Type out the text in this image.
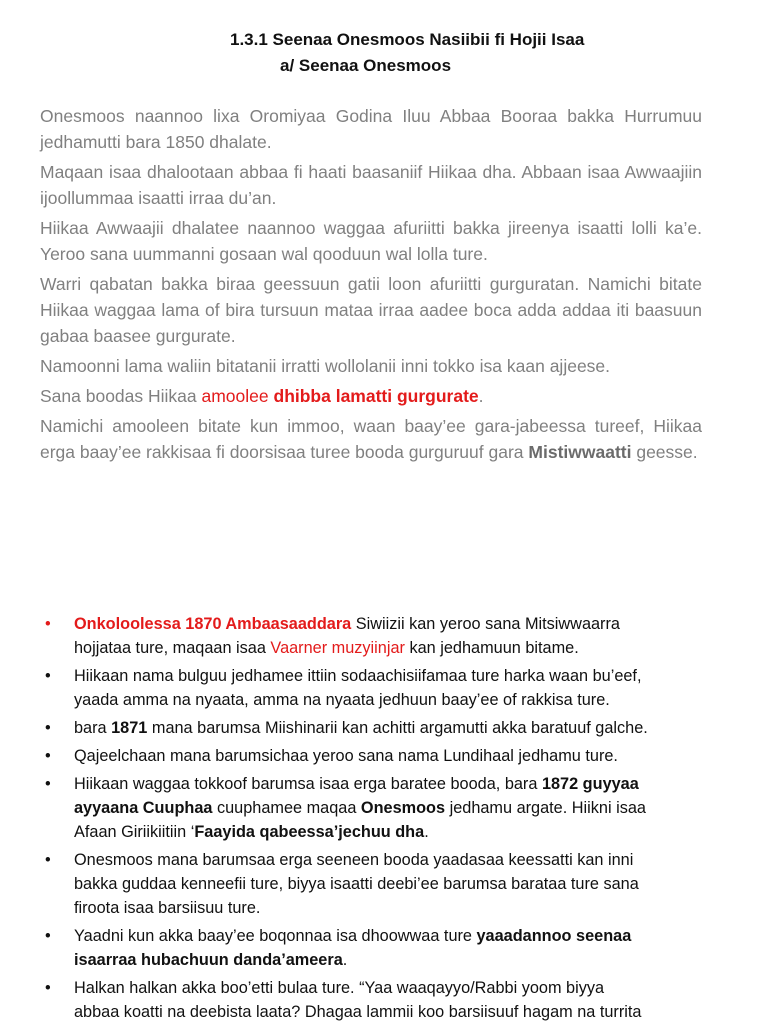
1.3.1 Seenaa Onesmoos Nasiibii fi Hojii Isaa
a/ Seenaa Onesmoos

Onesmoos naannoo lixa Oromiyaa Godina Iluu Abbaa Booraa bakka Hurrumuu jedhamutti bara 1850 dhalate.

Maqaan isaa dhalootaan abbaa fi haati baasaniif Hiikaa dha. Abbaan isaa Awwaajiin ijoollummaa isaatti irraa du’an.

Hiikaa Awwaajii dhalatee naannoo waggaa afuriitti bakka jireenya isaatti lolli ka’e. Yeroo sana uummanni gosaan wal qooduun wal lolla ture.

Warri qabatan bakka biraa geessuun gatii loon afuriitti gurguratan. Namichi bitate Hiikaa waggaa lama of bira tursuun mataa irraa aadee boca adda addaa iti baasuun gabaa baasee gurgurate.

Namoonni lama waliin bitatanii irratti wollolanii inni tokko isa kaan ajjeese.

Sana boodas Hiikaa amoolee dhibba lamatti gurgurate.

Namichi amooleen bitate kun immoo, waan baay’ee gara-jabeessa tureef, Hiikaa erga baay’ee rakkisaa fi doorsisaa turee booda gurguruuf gara Mistiwwaatti geesse.

• Onkoloolessa 1870 Ambaasaaddara Siwiizii kan yeroo sana Mitsiwwaarra
hojjataa ture, maqaan isaa Vaarner muzyiinjar kan jedhamuun bitame.
• Hiikaan nama bulguu jedhamee ittiin sodaachisiifamaa ture harka waan bu’eef,
yaada amma na nyaata, amma na nyaata jedhuun baay’ee of rakkisa ture.
• bara 1871 mana barumsa Miishinarii kan achitti argamutti akka baratuuf galche.
• Qajeelchaan mana barumsichaa yeroo sana nama Lundihaal jedhamu ture.
• Hiikaan waggaa tokkoof barumsa isaa erga baratee booda, bara 1872 guyyaa
ayyaana Cuuphaa cuuphamee maqaa Onesmoos jedhamu argate. Hiikni isaa
Afaan Giriikiitiin ‘Faayida qabeessa’jechuu dha.
• Onesmoos mana barumsaa erga seeneen booda yaadasaa keessatti kan inni
bakka guddaa kenneefii ture, biyya isaatti deebi’ee barumsa barataa ture sana
firoota isaa barsiisuu ture.
• Yaadni kun akka baay’ee boqonnaa isa dhoowwaa ture yaaadannoo seenaa
isaarraa hubachuun danda’ameera.
• Halkan halkan akka boo’etti bulaa ture. “Yaa waaqayyo/Rabbi yoom biyya
abbaa koatti na deebista laata? Dhagaa lammii koo barsiisuuf hagam na turrita
